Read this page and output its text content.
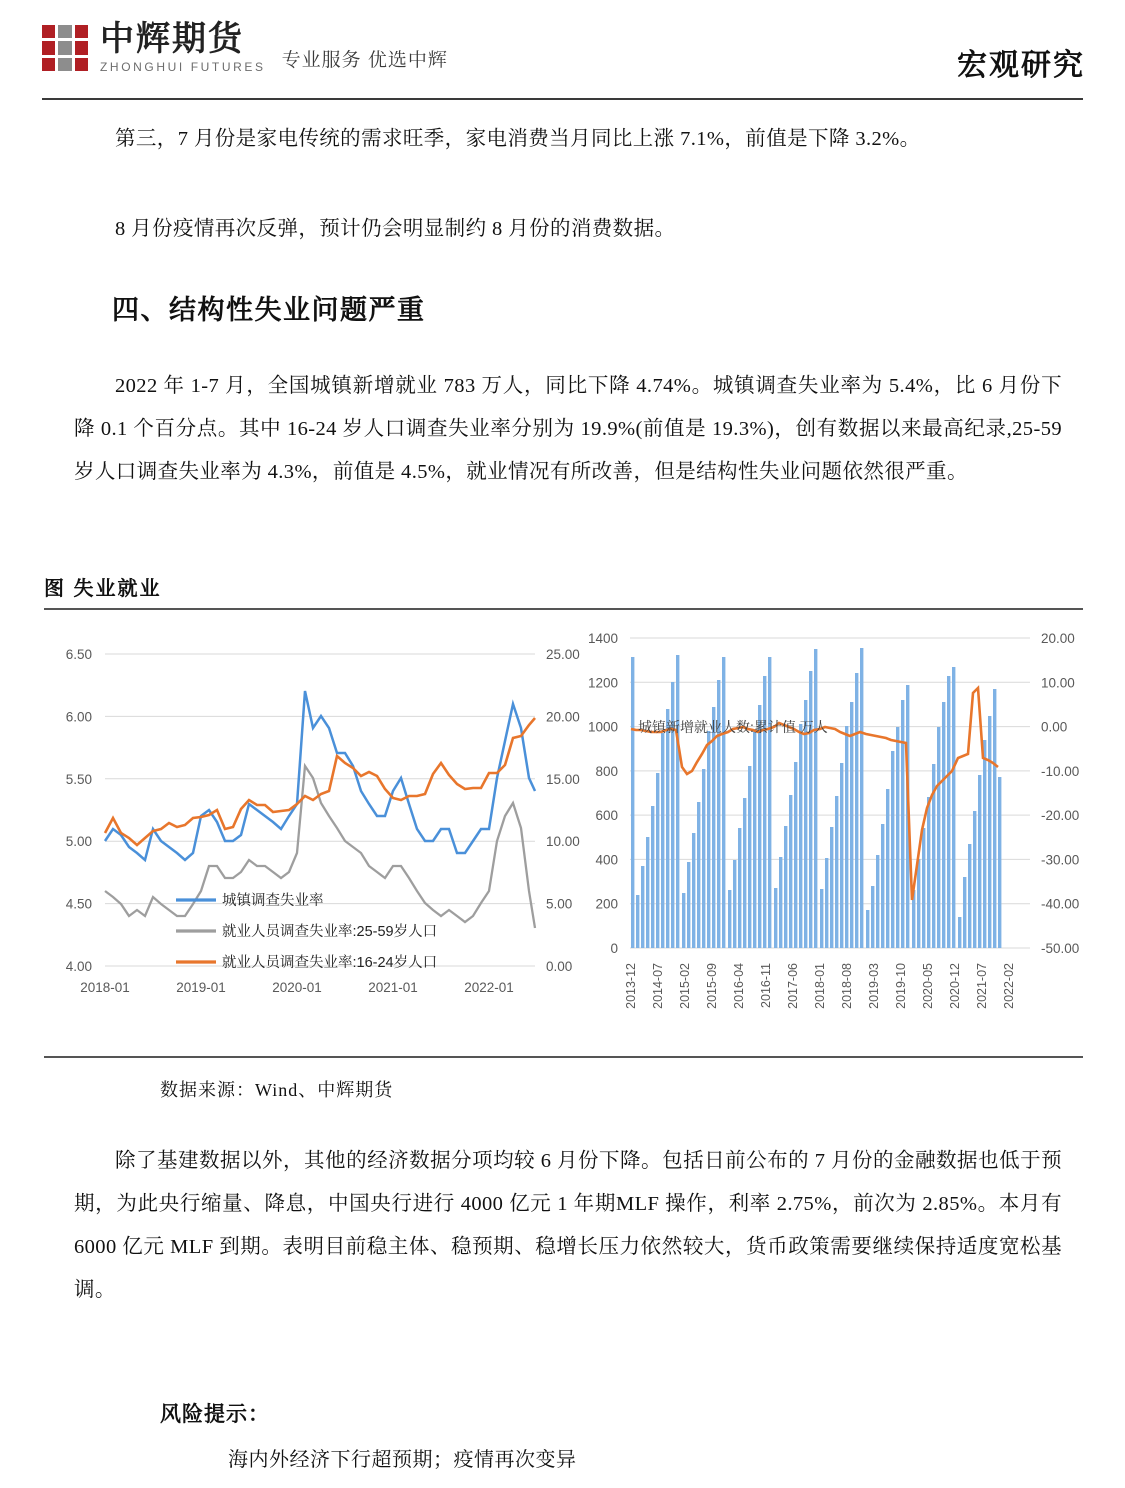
中辉期货
ZHONGHUI FUTURES 专业服务 优选中辉	宏观研究
第三，7 月份是家电传统的需求旺季，家电消费当月同比上涨 7.1%，前值是下降 3.2%。
8 月份疫情再次反弹，预计仍会明显制约 8 月份的消费数据。
四、结构性失业问题严重
2022 年 1-7 月，全国城镇新增就业 783 万人，同比下降 4.74%。城镇调查失业率为 5.4%，比 6 月份下降 0.1 个百分点。其中 16-24 岁人口调查失业率分别为 19.9%(前值是 19.3%)，创有数据以来最高纪录,25-59 岁人口调查失业率为 4.3%，前值是 4.5%，就业情况有所改善，但是结构性失业问题依然很严重。
图 失业就业
4.00
4.50
5.00
5.50
6.00
6.50
0.00
5.00
10.00
15.00
20.00
25.00
2018-01	2019-01	2020-01	2021-01	2022-01
城镇调查失业率
就业人员调查失业率:25-59岁人口
就业人员调查失业率:16-24岁人口
0
200
400
600
800
1000
1200
1400
-50.00
-40.00
-30.00
-20.00
-10.00
0.00
10.00
20.00
城镇新增就业人数:累计值 万人
2013-12 2014-07 2015-02 2015-09 2016-04 2016-11 2017-06 2018-01 2018-08 2019-03 2019-10 2020-05 2020-12 2021-07 2022-02
数据来源：Wind、中辉期货
除了基建数据以外，其他的经济数据分项均较 6 月份下降。包括日前公布的 7 月份的金融数据也低于预期，为此央行缩量、降息，中国央行进行 4000 亿元 1 年期MLF 操作，利率 2.75%，前次为 2.85%。本月有 6000 亿元 MLF 到期。表明目前稳主体、稳预期、稳增长压力依然较大，货币政策需要继续保持适度宽松基调。
风险提示：
海内外经济下行超预期；疫情再次变异
